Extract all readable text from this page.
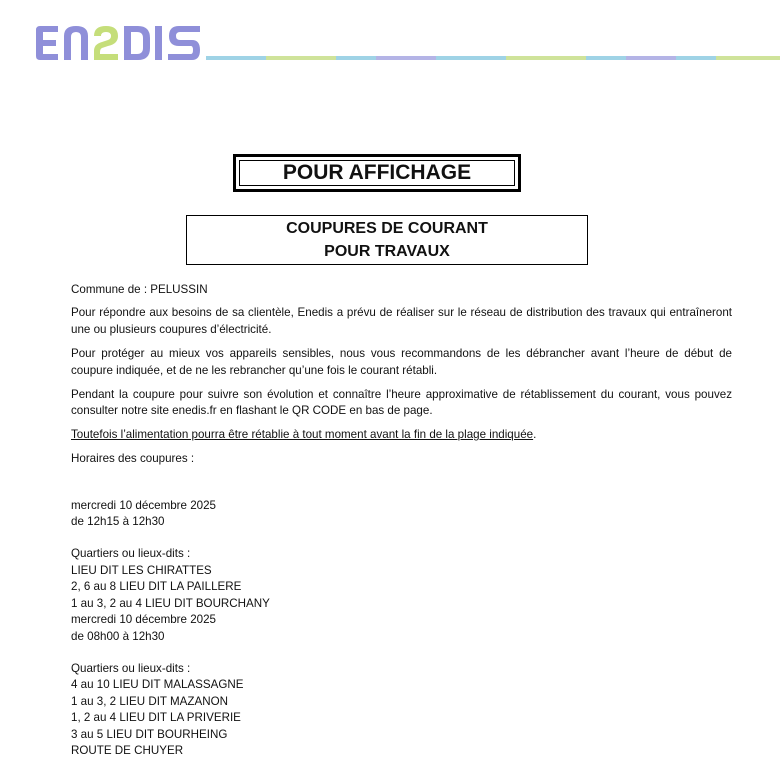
POUR AFFICHAGE
COUPURES DE COURANT
POUR TRAVAUX

Commune de : PELUSSIN

Pour répondre aux besoins de sa clientèle, Enedis a prévu de réaliser sur le réseau de distribution des travaux qui entraîneront une ou plusieurs coupures d’électricité.

Pour protéger au mieux vos appareils sensibles, nous vous recommandons de les débrancher avant l’heure de début de coupure indiquée, et de ne les rebrancher qu’une fois le courant rétabli.

Pendant la coupure pour suivre son évolution et connaître l’heure approximative de rétablissement du courant, vous pouvez consulter notre site enedis.fr en flashant le QR CODE en bas de page.

Toutefois l’alimentation pourra être rétablie à tout moment avant la fin de la plage indiquée.

Horaires des coupures :

mercredi 10 décembre 2025

de 12h15 à 12h30

Quartiers ou lieux-dits :

LIEU DIT LES CHIRATTES

2, 6 au 8 LIEU DIT LA PAILLERE

1 au 3, 2 au 4 LIEU DIT BOURCHANY

mercredi 10 décembre 2025

de 08h00 à 12h30

Quartiers ou lieux-dits :

4 au 10 LIEU DIT MALASSAGNE

1 au 3, 2 LIEU DIT MAZANON

1, 2 au 4 LIEU DIT LA PRIVERIE

3 au 5 LIEU DIT BOURHEING

ROUTE DE CHUYER
